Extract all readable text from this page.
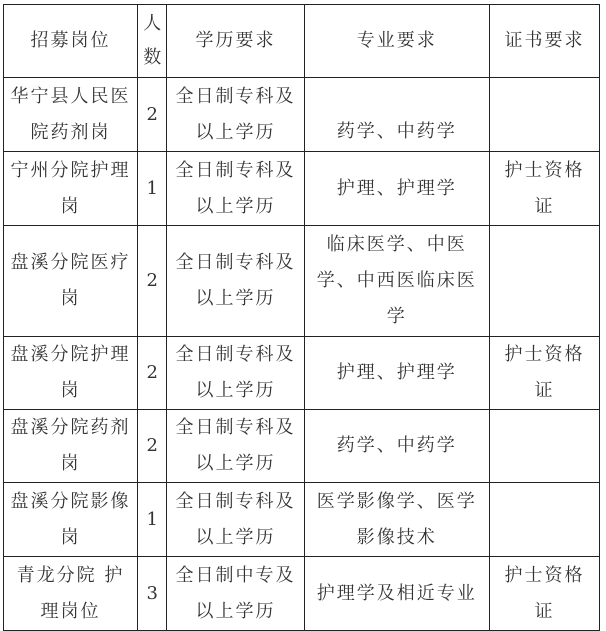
招募岗位	人数	学历要求	专业要求	证书要求
华宁县人民医院药剂岗	2	全日制专科及以上学历	药学、中药学	
宁州分院护理岗	1	全日制专科及以上学历	护理、护理学	护士资格证
盘溪分院医疗岗	2	全日制专科及以上学历	临床医学、中医学、中西医临床医学	
盘溪分院护理岗	2	全日制专科及以上学历	护理、护理学	护士资格证
盘溪分院药剂岗	2	全日制专科及以上学历	药学、中药学	
盘溪分院影像岗	1	全日制专科及以上学历	医学影像学、医学影像技术	
青龙分院 护理岗位	3	全日制中专及以上学历	护理学及相近专业	护士资格证
